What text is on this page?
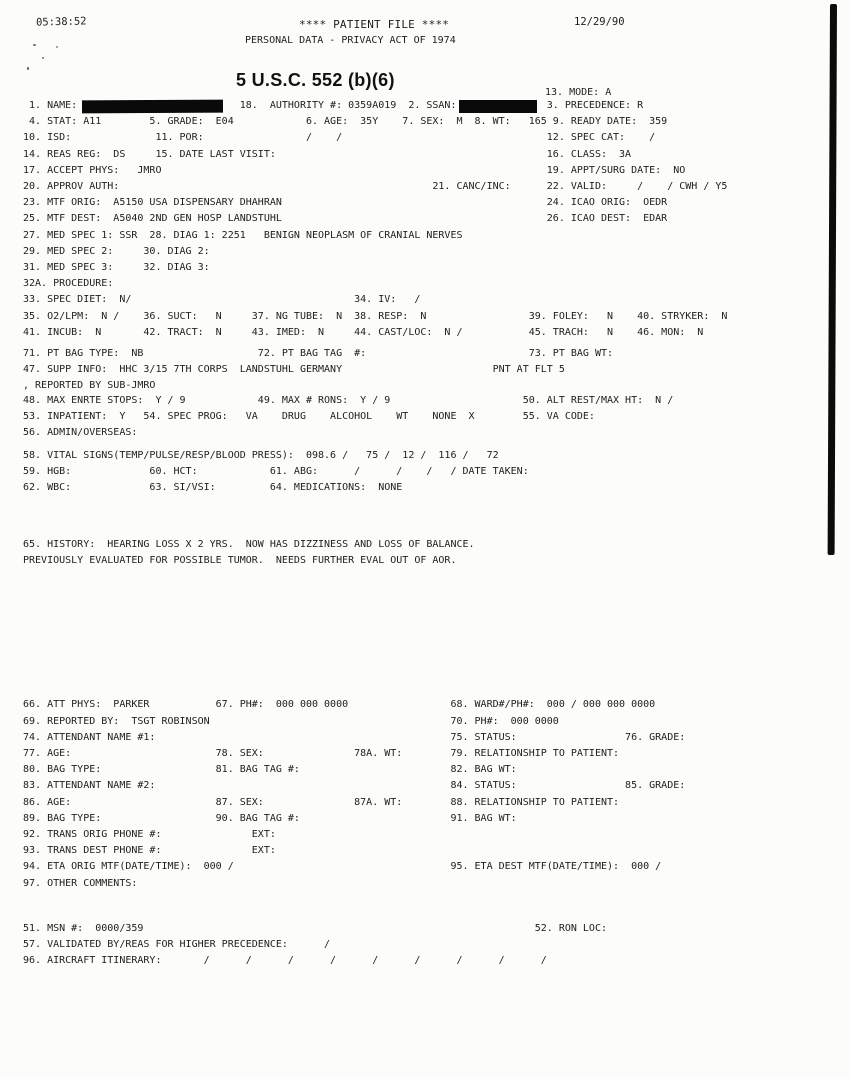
05:38:52	**** PATIENT FILE ****	12/29/90
PERSONAL DATA - PRIVACY ACT OF 1974
5 U.S.C. 552 (b)(6)
13. MODE: A
1. NAME:                           18.  AUTHORITY #: 0359A019  2. SSAN:               3. PRECEDENCE: R
4. STAT: A11        5. GRADE:  E04            6. AGE:  35Y    7. SEX:  M  8. WT:   165 9. READY DATE:  359
10. ISD:              11. POR:                 /    /                                  12. SPEC CAT:    /
14. REAS REG:  DS     15. DATE LAST VISIT:                                             16. CLASS:  3A
17. ACCEPT PHYS:   JMRO                                                                19. APPT/SURG DATE:  NO
20. APPROV AUTH:                                                    21. CANC/INC:      22. VALID:     /    / CWH / Y5
23. MTF ORIG:  A5150 USA DISPENSARY DHAHRAN                                            24. ICAO ORIG:  OEDR
25. MTF DEST:  A5040 2ND GEN HOSP LANDSTUHL                                            26. ICAO DEST:  EDAR
27. MED SPEC 1: SSR  28. DIAG 1: 2251   BENIGN NEOPLASM OF CRANIAL NERVES
29. MED SPEC 2:     30. DIAG 2:
31. MED SPEC 3:     32. DIAG 3:
32A. PROCEDURE:
33. SPEC DIET:  N/                                     34. IV:   /
35. O2/LPM:  N /    36. SUCT:   N     37. NG TUBE:  N  38. RESP:  N                 39. FOLEY:   N    40. STRYKER:  N
41. INCUB:  N       42. TRACT:  N     43. IMED:  N     44. CAST/LOC:  N /           45. TRACH:   N    46. MON:  N
71. PT BAG TYPE:  NB                   72. PT BAG TAG  #:                           73. PT BAG WT:
47. SUPP INFO:  HHC 3/15 7TH CORPS  LANDSTUHL GERMANY                         PNT AT FLT 5
, REPORTED BY SUB-JMRO
48. MAX ENRTE STOPS:  Y / 9            49. MAX # RONS:  Y / 9                      50. ALT REST/MAX HT:  N /
53. INPATIENT:  Y   54. SPEC PROG:   VA    DRUG    ALCOHOL    WT    NONE  X        55. VA CODE:
56. ADMIN/OVERSEAS:
58. VITAL SIGNS(TEMP/PULSE/RESP/BLOOD PRESS):  098.6 /   75 /  12 /  116 /   72
59. HGB:             60. HCT:            61. ABG:      /      /    /   / DATE TAKEN:
62. WBC:             63. SI/VSI:         64. MEDICATIONS:  NONE
65. HISTORY:  HEARING LOSS X 2 YRS.  NOW HAS DIZZINESS AND LOSS OF BALANCE.
PREVIOUSLY EVALUATED FOR POSSIBLE TUMOR.  NEEDS FURTHER EVAL OUT OF AOR.
66. ATT PHYS:  PARKER           67. PH#:  000 000 0000                 68. WARD#/PH#:  000 / 000 000 0000
69. REPORTED BY:  TSGT ROBINSON                                        70. PH#:  000 0000
74. ATTENDANT NAME #1:                                                 75. STATUS:                  76. GRADE:
77. AGE:                        78. SEX:               78A. WT:        79. RELATIONSHIP TO PATIENT:
80. BAG TYPE:                   81. BAG TAG #:                         82. BAG WT:
83. ATTENDANT NAME #2:                                                 84. STATUS:                  85. GRADE:
86. AGE:                        87. SEX:               87A. WT:        88. RELATIONSHIP TO PATIENT:
89. BAG TYPE:                   90. BAG TAG #:                         91. BAG WT:
92. TRANS ORIG PHONE #:               EXT:
93. TRANS DEST PHONE #:               EXT:
94. ETA ORIG MTF(DATE/TIME):  000 /                                    95. ETA DEST MTF(DATE/TIME):  000 /
97. OTHER COMMENTS:
51. MSN #:  0000/359                                                                 52. RON LOC:
57. VALIDATED BY/REAS FOR HIGHER PRECEDENCE:      /
96. AIRCRAFT ITINERARY:       /      /      /      /      /      /      /      /      /
